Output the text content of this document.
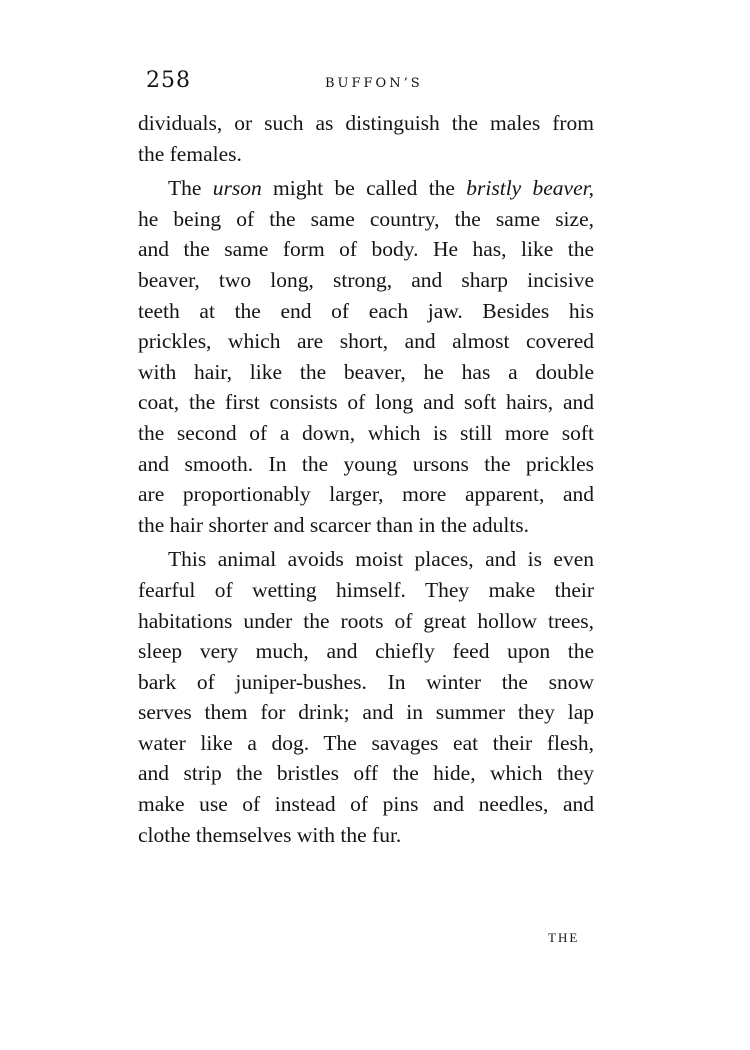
258	BUFFON’S
dividuals, or such as distinguish the males from
the females.
The urson might be called the bristly beaver,
he being of the same country, the same size,
and the same form of body. He has, like the
beaver, two long, strong, and sharp incisive
teeth at the end of each jaw. Besides his
prickles, which are short, and almost covered
with hair, like the beaver, he has a double
coat, the first consists of long and soft hairs, and
the second of a down, which is still more soft
and smooth. In the young ursons the prickles
are proportionably larger, more apparent, and
the hair shorter and scarcer than in the adults.
This animal avoids moist places, and is even
fearful of wetting himself. They make their
habitations under the roots of great hollow trees,
sleep very much, and chiefly feed upon the
bark of juniper-bushes. In winter the snow
serves them for drink; and in summer they lap
water like a dog. The savages eat their flesh,
and strip the bristles off the hide, which they
make use of instead of pins and needles, and
clothe themselves with the fur.
THE
